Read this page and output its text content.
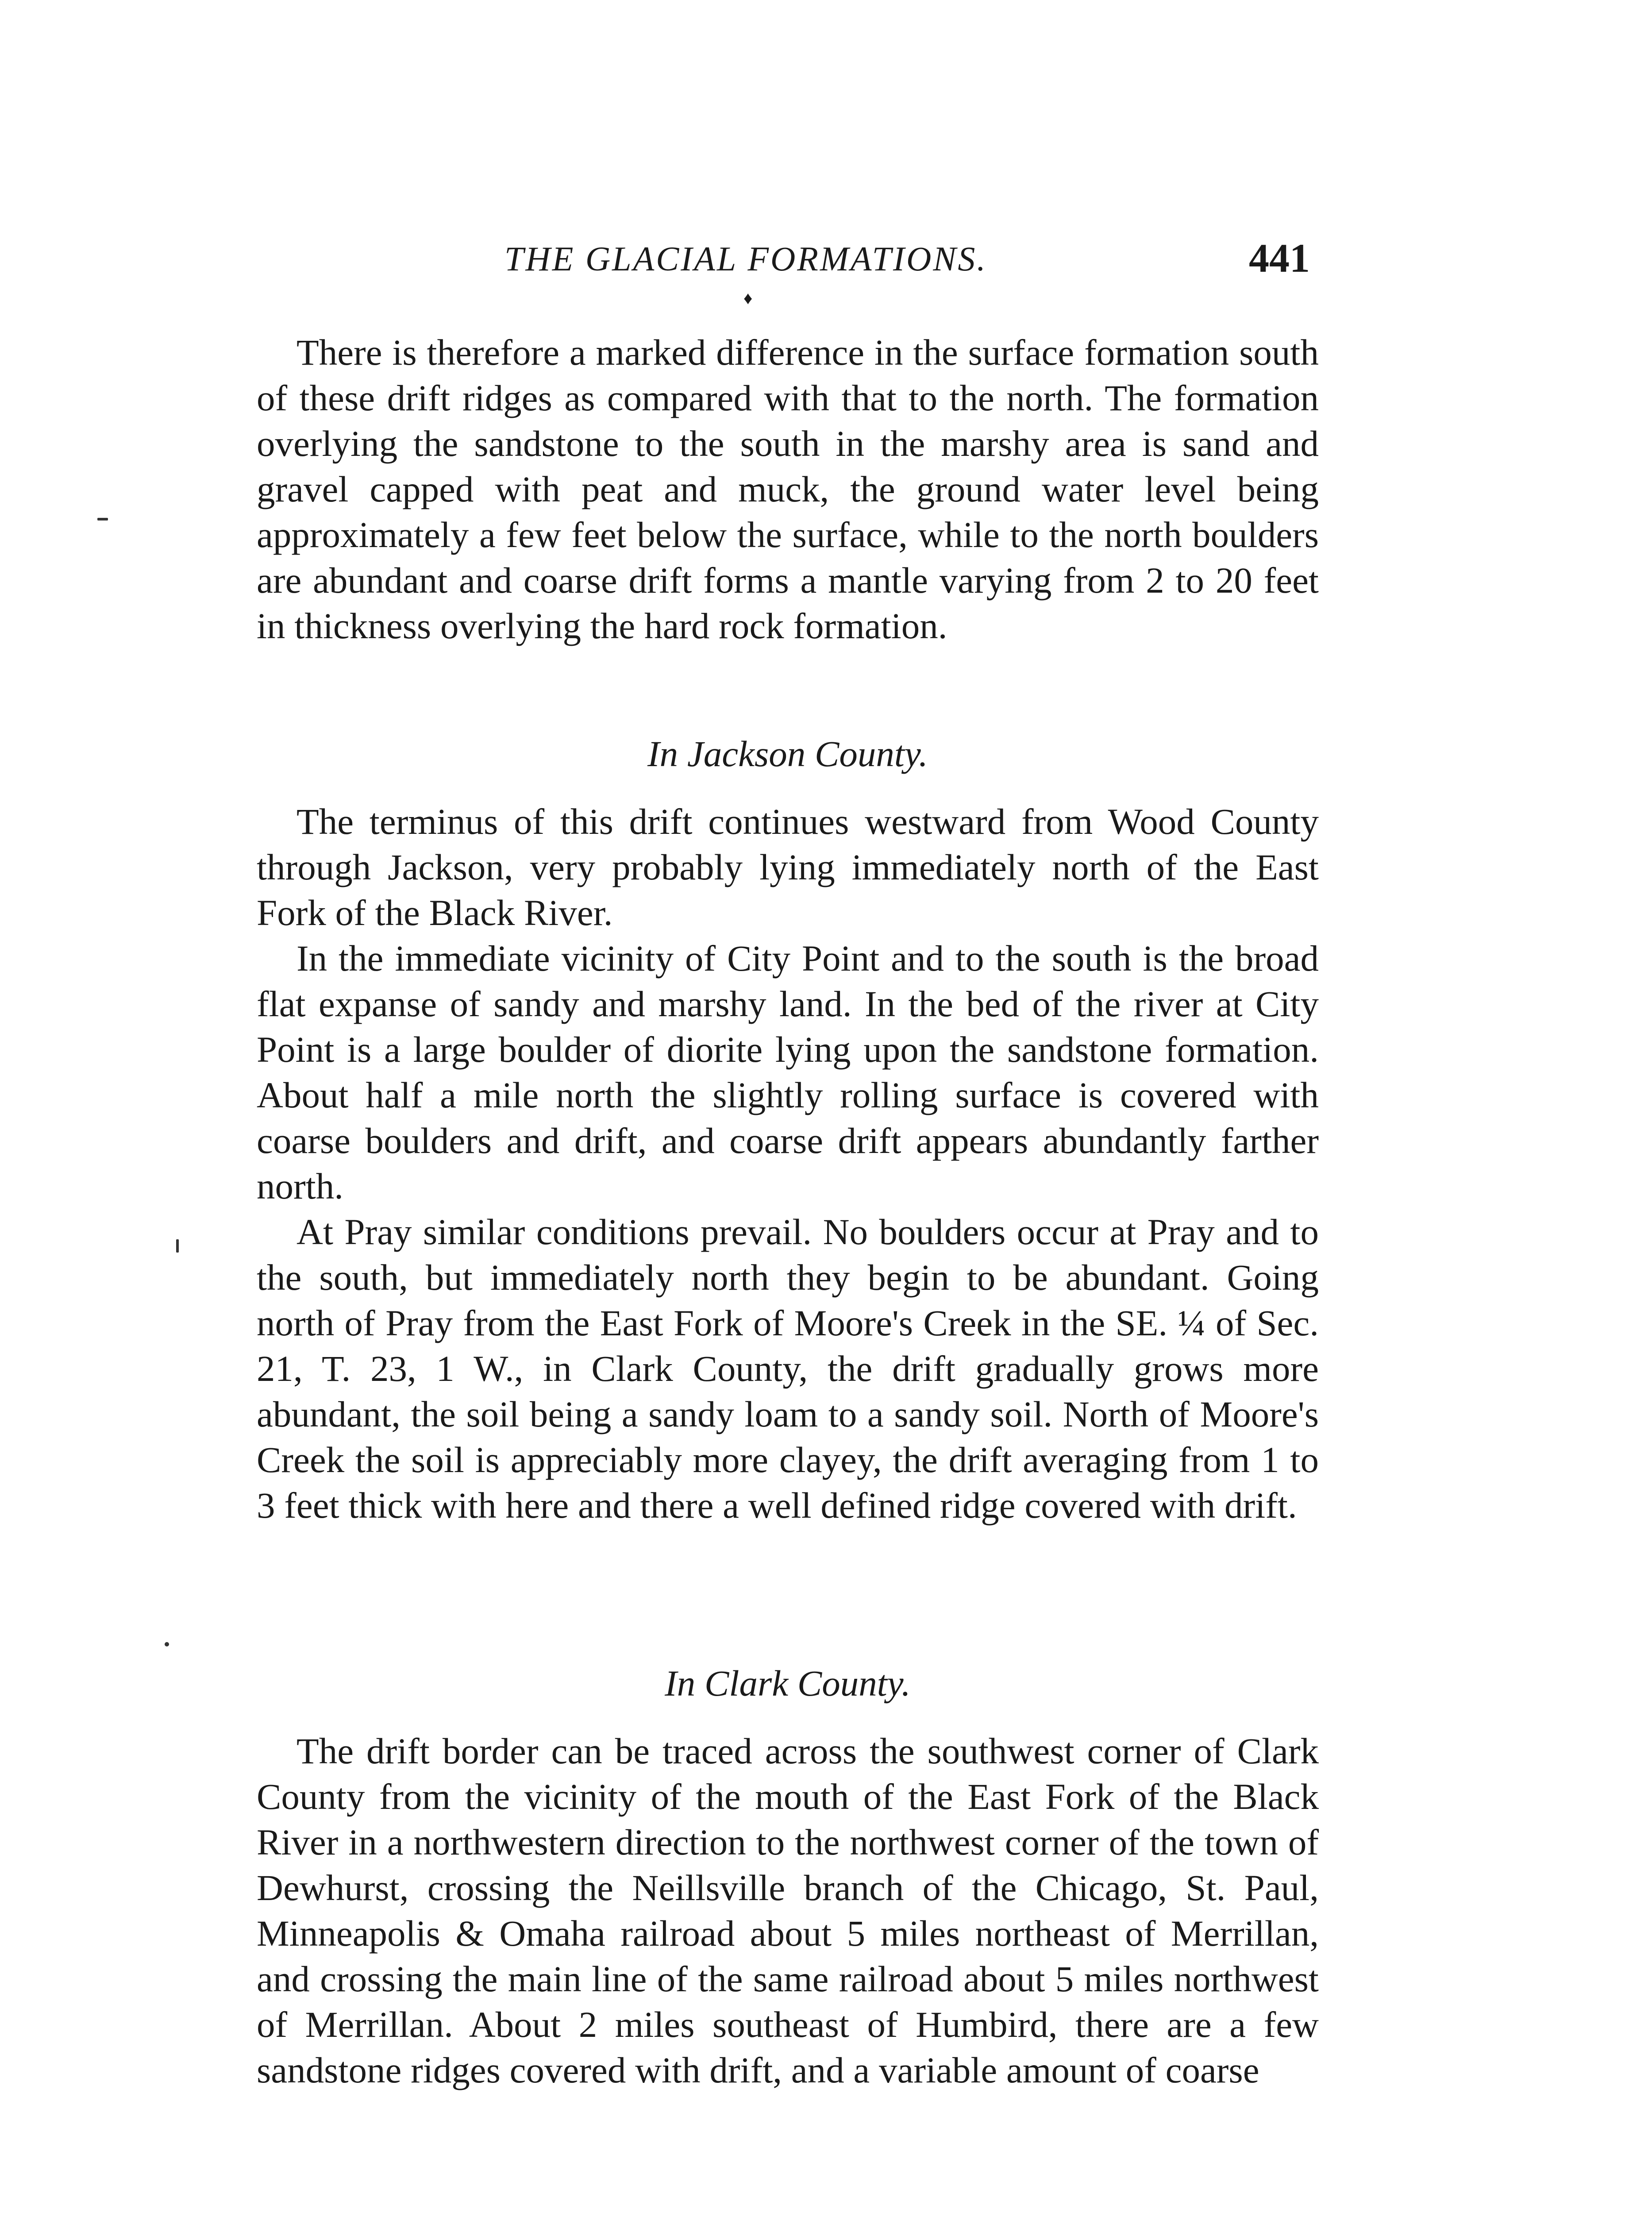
THE GLACIAL FORMATIONS.	441
♦

There is therefore a marked difference in the surface formation south of these drift ridges as compared with that to the north. The formation overlying the sandstone to the south in the marshy area is sand and gravel capped with peat and muck, the ground water level being approximately a few feet below the surface, while to the north boulders are abundant and coarse drift forms a mantle varying from 2 to 20 feet in thickness overlying the hard rock formation.

In Jackson County.

The terminus of this drift continues westward from Wood County through Jackson, very probably lying immediately north of the East Fork of the Black River.

In the immediate vicinity of City Point and to the south is the broad flat expanse of sandy and marshy land. In the bed of the river at City Point is a large boulder of diorite lying upon the sandstone formation. About half a mile north the slightly rolling surface is covered with coarse boulders and drift, and coarse drift appears abundantly farther north.

At Pray similar conditions prevail. No boulders occur at Pray and to the south, but immediately north they begin to be abundant. Going north of Pray from the East Fork of Moore's Creek in the SE. ¼ of Sec. 21, T. 23, 1 W., in Clark County, the drift gradually grows more abundant, the soil being a sandy loam to a sandy soil. North of Moore's Creek the soil is appreciably more clayey, the drift averaging from 1 to 3 feet thick with here and there a well defined ridge covered with drift.

In Clark County.

The drift border can be traced across the southwest corner of Clark County from the vicinity of the mouth of the East Fork of the Black River in a northwestern direction to the northwest corner of the town of Dewhurst, crossing the Neillsville branch of the Chicago, St. Paul, Minneapolis & Omaha railroad about 5 miles northeast of Merrillan, and crossing the main line of the same railroad about 5 miles northwest of Merrillan. About 2 miles southeast of Humbird, there are a few sandstone ridges covered with drift, and a variable amount of coarse
